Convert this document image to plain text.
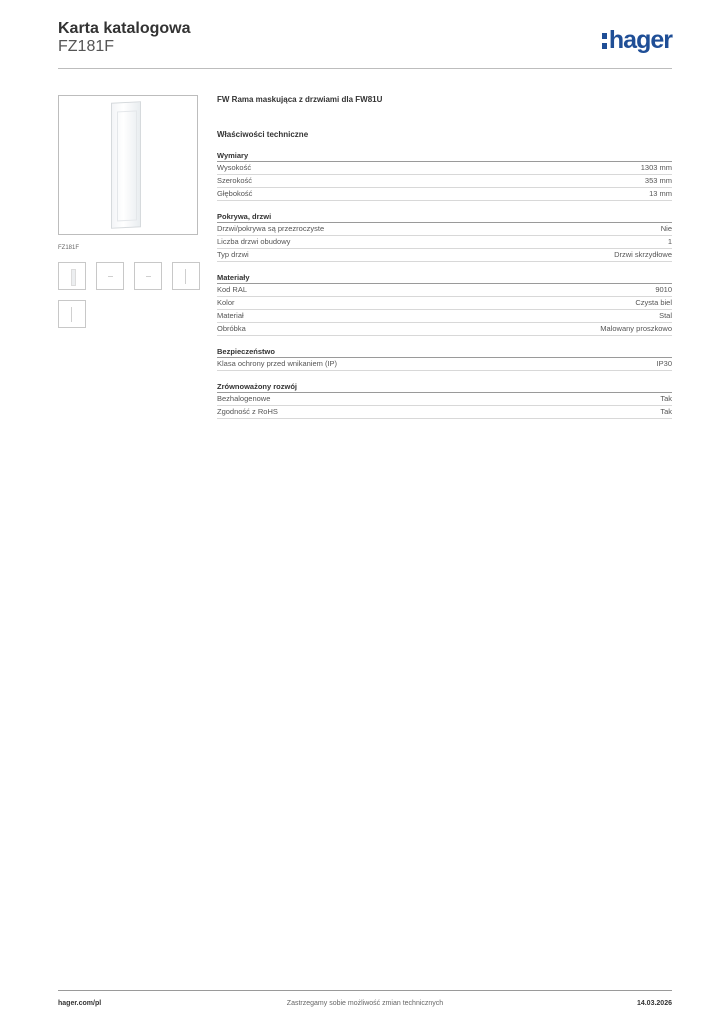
Karta katalogowa
FZ181F	hager
FZ181F
FW Rama maskująca z drzwiami dla FW81U
Właściwości techniczne
Wymiary
Wysokość	1303 mm
Szerokość	353 mm
Głębokość	13 mm
Pokrywa, drzwi
Drzwi/pokrywa są przezroczyste	Nie
Liczba drzwi obudowy	1
Typ drzwi	Drzwi skrzydłowe
Materiały
Kod RAL	9010
Kolor	Czysta biel
Materiał	Stal
Obróbka	Malowany proszkowo
Bezpieczeństwo
Klasa ochrony przed wnikaniem (IP)	IP30
Zrównoważony rozwój
Bezhalogenowe	Tak
Zgodność z RoHS	Tak
hager.com/pl	Zastrzegamy sobie możliwość zmian technicznych	14.03.2026
